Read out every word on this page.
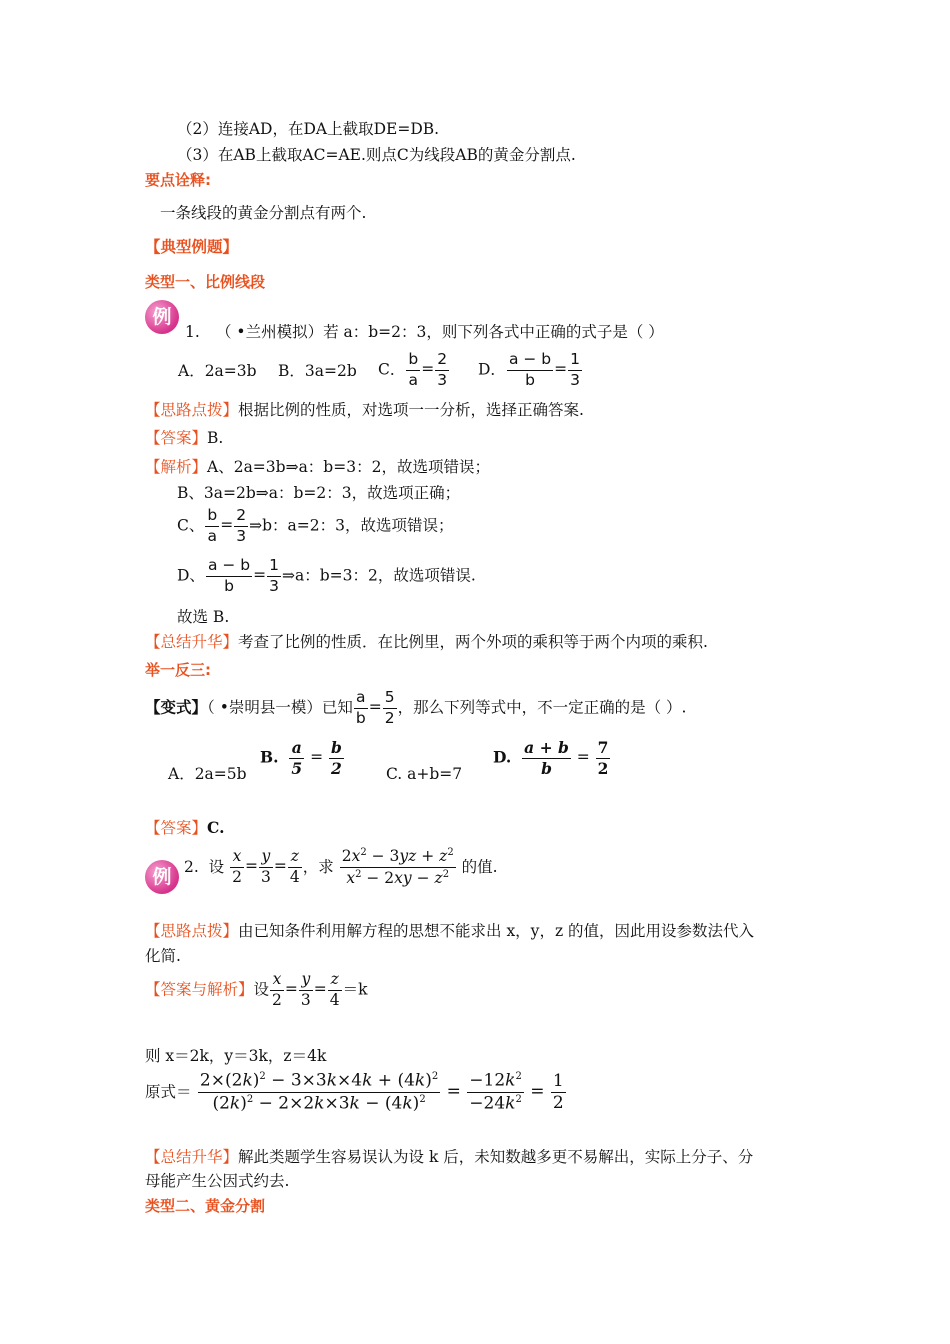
（2）连接AD，在DA上截取DE=DB.
（3）在AB上截取AC=AE.则点C为线段AB的黄金分割点.
要点诠释:
一条线段的黄金分割点有两个.
【典型例题】
类型一、比例线段
例
1. （ •兰州模拟）若 a：b=2：3，则下列各式中正确的式子是（ ）
A．2a=3b B．3a=2b C． $\frac{b}{a} = \frac{2}{3}$ D． $\frac{a - b}{b} = \frac{1}{3}$
【思路点拨】根据比例的性质，对选项一一分析，选择正确答案.
【答案】B.
【解析】A、2a=3b⇒a：b=3：2，故选项错误；
B、3a=2b⇒a：b=2：3，故选项正确；
C、 $\frac{b}{a} = \frac{2}{3}$ ⇒b：a=2：3，故选项错误；
D、 $\frac{a - b}{b} = \frac{1}{3}$ ⇒a：b=3：2，故选项错误.
故选 B.
【总结升华】考查了比例的性质．在比例里，两个外项的乘积等于两个内项的乘积.
举一反三:
【变式】（ •崇明县一模）已知 $\frac{a}{b} = \frac{5}{2}$ ，那么下列等式中，不一定正确的是（ ）.
A．2a=5b
B. $\frac{a}{5} = \frac{b}{2}$	C. a+b=7
D. $\frac{a + b}{b} = \frac{7}{2}$
【答案】C.
例 2. 设 $\frac{x}{2} = \frac{y}{3} = \frac{z}{4}$ ，求 $\frac{2x^2 - 3yz + z^2}{x^2 - 2xy - z^2}$ 的值.
【思路点拨】由已知条件利用解方程的思想不能求出 x，y，z 的值，因此用设参数法代入
化简.
【答案与解析】设 $\frac{x}{2} = \frac{y}{3} = \frac{z}{4} =k$
则 x＝2k，y＝3k，z＝4k
原式＝ $\frac{2\times(2k)^2 - 3\times 3k\times 4k + (4k)^2}{(2k)^2 - 2\times 2k\times 3k - (4k)^2} = \frac{-12k^2}{-24k^2} = \frac{1}{2}$
【总结升华】解此类题学生容易误认为设 k 后，未知数越多更不易解出，实际上分子、分
母能产生公因式约去.
类型二、黄金分割
